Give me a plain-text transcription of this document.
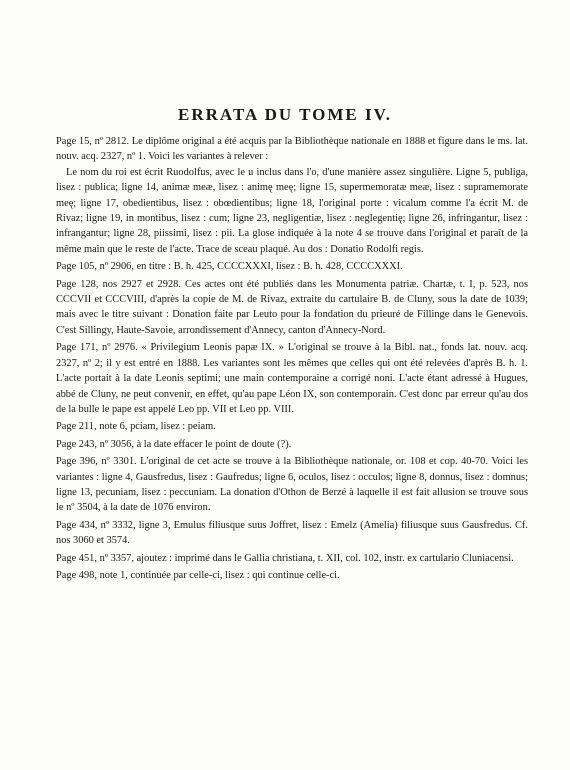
ERRATA DU TOME IV.
Page 15, nº 2812. Le diplôme original a été acquis par la Bibliothèque nationale en 1888 et figure dans le ms. lat. nouv. acq. 2327, nº 1. Voici les variantes à relever :
Le nom du roi est écrit Ruodolfus, avec le u inclus dans l'o, d'une manière assez singulière. Ligne 5, publiga, lisez : publica; ligne 14, animæ meæ, lisez : animę meę; ligne 15, supermemoratæ meæ, lisez : supramemorate meę; ligne 17, obedientibus, lisez : obœdientibus; ligne 18, l'original porte : vicalum comme l'a écrit M. de Rivaz; ligne 19, in montibus, lisez : cum; ligne 23, negligentiæ, lisez : neglegentię; ligne 26, infringantur, lisez : infrangantur; ligne 28, piissimi, lisez : pii. La glose indiquée à la note 4 se trouve dans l'original et paraît de la même main que le reste de l'acte. Trace de sceau plaqué. Au dos : Donatio Rodolfi regis.
Page 105, nº 2906, en titre : B. h. 425, CCCCXXXI, lisez : B. h. 428, CCCCXXXI.
Page 128, nos 2927 et 2928. Ces actes ont été publiés dans les Monumenta patriæ. Chartæ, t. I, p. 523, nos CCCVII et CCCVIII, d'après la copie de M. de Rivaz, extraite du cartulaire B. de Cluny, sous la date de 1039; mais avec le titre suivant : Donation faite par Leuto pour la fondation du prieuré de Fillinge dans le Genevois. C'est Sillingy, Haute-Savoie, arrondissement d'Annecy, canton d'Annecy-Nord.
Page 171, nº 2976. « Privilegium Leonis papæ IX. » L'original se trouve à la Bibl. nat., fonds lat. nouv. acq. 2327, nº 2; il y est entré en 1888. Les variantes sont les mêmes que celles qui ont été relevées d'après B. h. 1. L'acte portait à la date Leonis septimi; une main contemporaine a corrigé noni. L'acte étant adressé à Hugues, abbé de Cluny, ne peut convenir, en effet, qu'au pape Léon IX, son contemporain. C'est donc par erreur qu'au dos de la bulle le pape est appelé Leo pp. VII et Leo pp. VIII.
Page 211, note 6, pciam, lisez : peiam.
Page 243, nº 3056, à la date effacer le point de doute (?).
Page 396, nº 3301. L'original de cet acte se trouve à la Bibliothèque nationale, or. 108 et cop. 40-70. Voici les variantes : ligne 4, Gausfredus, lisez : Gaufredus; ligne 6, oculos, lisez : occulos; ligne 8, donnus, lisez : domnus; ligne 13, pecuniam, lisez : peccuniam. La donation d'Othon de Berzé à laquelle il est fait allusion se trouve sous le nº 3504, à la date de 1076 environ.
Page 434, nº 3332, ligne 3, Emulus filiusque suus Joffret, lisez : Emelz (Amelia) filiusque suus Gausfredus. Cf. nos 3060 et 3574.
Page 451, nº 3357, ajoutez : imprimé dans le Gallia christiana, t. XII, col. 102, instr. ex cartulario Cluniacensi.
Page 498, note 1, continuée par celle-ci, lisez : qui continue celle-ci.
